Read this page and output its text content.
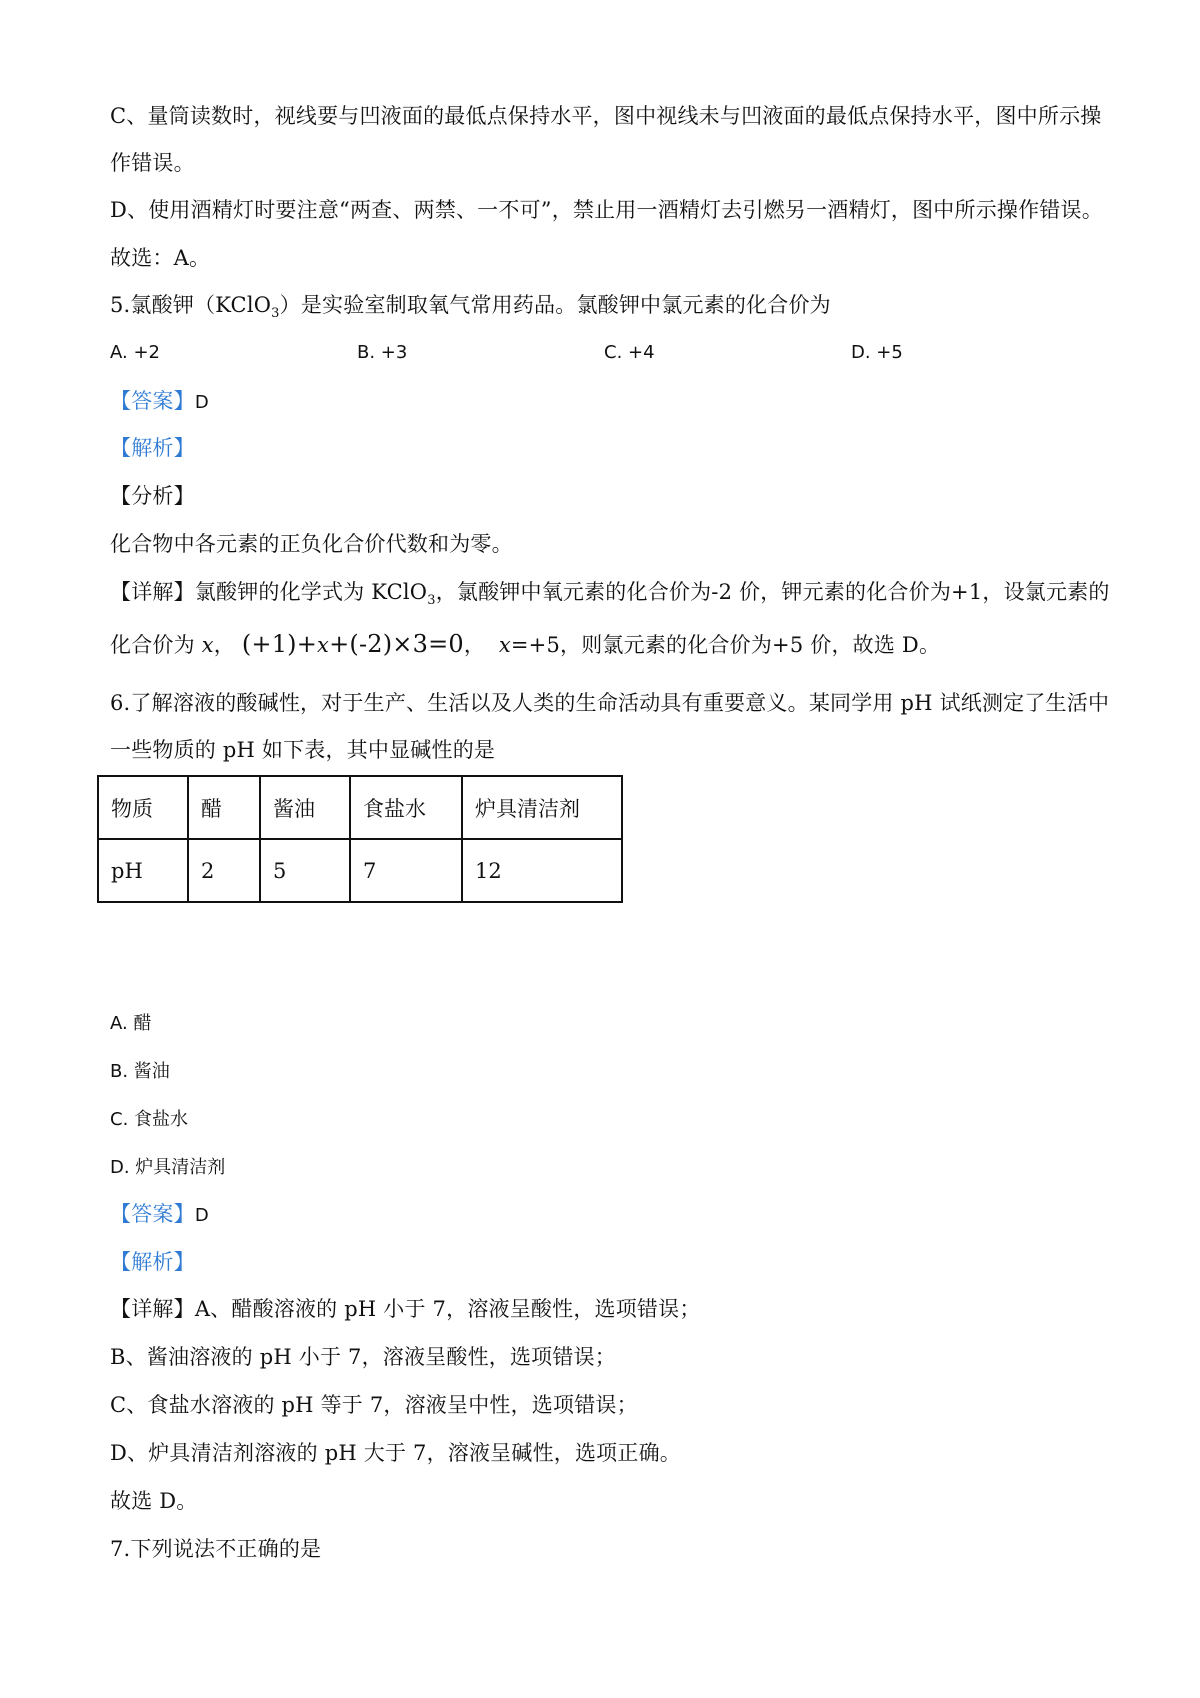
C、量筒读数时，视线要与凹液面的最低点保持水平，图中视线未与凹液面的最低点保持水平，图中所示操
作错误。
D、使用酒精灯时要注意“两查、两禁、一不可”，禁止用一酒精灯去引燃另一酒精灯，图中所示操作错误。
故选：A。
5.氯酸钾（KClO$_3$）是实验室制取氧气常用药品。氯酸钾中氯元素的化合价为
A. +2	B. +3	C. +4	D. +5
【答案】D
【解析】
【分析】
化合物中各元素的正负化合价代数和为零。
【详解】氯酸钾的化学式为 KClO$_3$，氯酸钾中氧元素的化合价为-2 价，钾元素的化合价为+1，设氯元素的
化合价为 x， (+1)+x+(-2)×3=0，  x=+5，则氯元素的化合价为+5 价，故选 D。
6.了解溶液的酸碱性，对于生产、生活以及人类的生命活动具有重要意义。某同学用 pH 试纸测定了生活中
一些物质的 pH 如下表，其中显碱性的是
物质	醋	酱油	食盐水	炉具清洁剂
pH	2	5	7	12
A. 醋
B. 酱油
C. 食盐水
D. 炉具清洁剂
【答案】D
【解析】
【详解】A、醋酸溶液的 pH 小于 7，溶液呈酸性，选项错误；
B、酱油溶液的 pH 小于 7，溶液呈酸性，选项错误；
C、食盐水溶液的 pH 等于 7，溶液呈中性，选项错误；
D、炉具清洁剂溶液的 pH 大于 7，溶液呈碱性，选项正确。
故选 D。
7.下列说法不正确的是
